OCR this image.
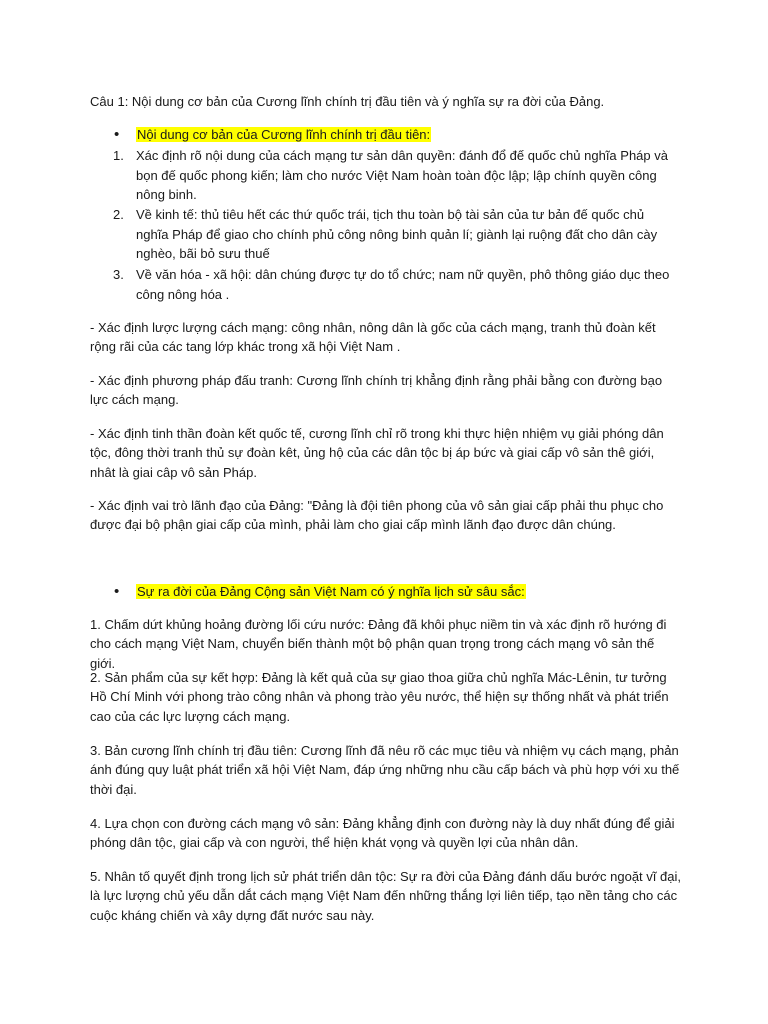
Câu 1: Nội dung cơ bản của Cương lĩnh chính trị đầu tiên và ý nghĩa sự ra đời của Đảng.

• Nội dung cơ bản của Cương lĩnh chính trị đầu tiên:
1. Xác định rõ nội dung của cách mạng tư sản dân quyền: đánh đổ đế quốc chủ nghĩa Pháp và bọn đế quốc phong kiến; làm cho nước Việt Nam hoàn toàn độc lập; lập chính quyền công nông binh.
2. Về kinh tế: thủ tiêu hết các thứ quốc trái, tịch thu toàn bộ tài sản của tư bản đế quốc chủ nghĩa Pháp để giao cho chính phủ công nông binh quản lí; giành lại ruộng đất cho dân cày nghèo, bãi bỏ sưu thuế
3. Về văn hóa - xã hội: dân chúng được tự do tổ chức; nam nữ quyền, phô thông giáo dục theo công nông hóa .

- Xác định lược lượng cách mạng: công nhân, nông dân là gốc của cách mạng, tranh thủ đoàn kết rộng rãi của các tang lớp khác trong xã hội Việt Nam .

- Xác định phương pháp đấu tranh: Cương lĩnh chính trị khẳng định rằng phải bằng con đường bạo lực cách mạng.

- Xác định tinh thần đoàn kết quốc tế, cương lĩnh chỉ rõ trong khi thực hiện nhiệm vụ giải phóng dân tộc, đông thời tranh thủ sự đoàn kêt, ủng hộ của các dân tộc bị áp bức và giai cấp vô sản thê giới, nhât là giai câp vô sản Pháp.

- Xác định vai trò lãnh đạo của Đảng: "Đảng là đội tiên phong của vô sản giai cấp phải thu phục cho được đại bộ phận giai cấp của mình, phải làm cho giai cấp mình lãnh đạo được dân chúng.

• Sự ra đời của Đảng Cộng sản Việt Nam có ý nghĩa lịch sử sâu sắc:

1. Chấm dứt khủng hoảng đường lối cứu nước: Đảng đã khôi phục niềm tin và xác định rõ hướng đi cho cách mạng Việt Nam, chuyển biến thành một bộ phận quan trọng trong cách mạng vô sản thế giới.

2. Sản phẩm của sự kết hợp: Đảng là kết quả của sự giao thoa giữa chủ nghĩa Mác-Lênin, tư tưởng Hồ Chí Minh với phong trào công nhân và phong trào yêu nước, thể hiện sự thống nhất và phát triển cao của các lực lượng cách mạng.

3. Bản cương lĩnh chính trị đầu tiên: Cương lĩnh đã nêu rõ các mục tiêu và nhiệm vụ cách mạng, phản ánh đúng quy luật phát triển xã hội Việt Nam, đáp ứng những nhu cầu cấp bách và phù hợp với xu thế thời đại.

4. Lựa chọn con đường cách mạng vô sản: Đảng khẳng định con đường này là duy nhất đúng để giải phóng dân tộc, giai cấp và con người, thể hiện khát vọng và quyền lợi của nhân dân.

5. Nhân tố quyết định trong lịch sử phát triển dân tộc: Sự ra đời của Đảng đánh dấu bước ngoặt vĩ đại, là lực lượng chủ yếu dẫn dắt cách mạng Việt Nam đến những thắng lợi liên tiếp, tạo nền tảng cho các cuộc kháng chiến và xây dựng đất nước sau này.
